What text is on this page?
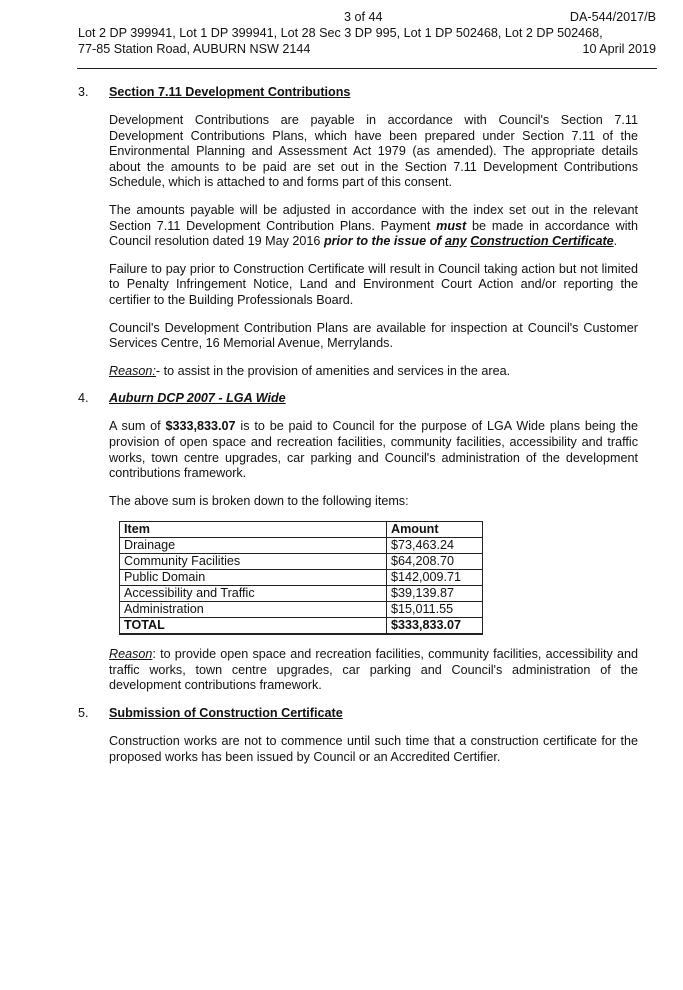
3 of 44	DA-544/2017/B
Lot 2 DP 399941, Lot 1 DP 399941, Lot 28 Sec 3 DP 995, Lot 1 DP 502468, Lot 2 DP 502468,
77-85 Station Road, AUBURN NSW 2144	10 April 2019
3. Section 7.11 Development Contributions

Development Contributions are payable in accordance with Council's Section 7.11 Development Contributions Plans, which have been prepared under Section 7.11 of the Environmental Planning and Assessment Act 1979 (as amended). The appropriate details about the amounts to be paid are set out in the Section 7.11 Development Contributions Schedule, which is attached to and forms part of this consent.

The amounts payable will be adjusted in accordance with the index set out in the relevant Section 7.11 Development Contribution Plans. Payment must be made in accordance with Council resolution dated 19 May 2016 prior to the issue of any Construction Certificate.

Failure to pay prior to Construction Certificate will result in Council taking action but not limited to Penalty Infringement Notice, Land and Environment Court Action and/or reporting the certifier to the Building Professionals Board.

Council's Development Contribution Plans are available for inspection at Council's Customer Services Centre, 16 Memorial Avenue, Merrylands.

Reason:- to assist in the provision of amenities and services in the area.

4. Auburn DCP 2007 - LGA Wide

A sum of $333,833.07 is to be paid to Council for the purpose of LGA Wide plans being the provision of open space and recreation facilities, community facilities, accessibility and traffic works, town centre upgrades, car parking and Council's administration of the development contributions framework.

The above sum is broken down to the following items:

Item	Amount
Drainage	$73,463.24
Community Facilities	$64,208.70
Public Domain	$142,009.71
Accessibility and Traffic	$39,139.87
Administration	$15,011.55
TOTAL	$333,833.07

Reason: to provide open space and recreation facilities, community facilities, accessibility and traffic works, town centre upgrades, car parking and Council's administration of the development contributions framework.

5. Submission of Construction Certificate

Construction works are not to commence until such time that a construction certificate for the proposed works has been issued by Council or an Accredited Certifier.
